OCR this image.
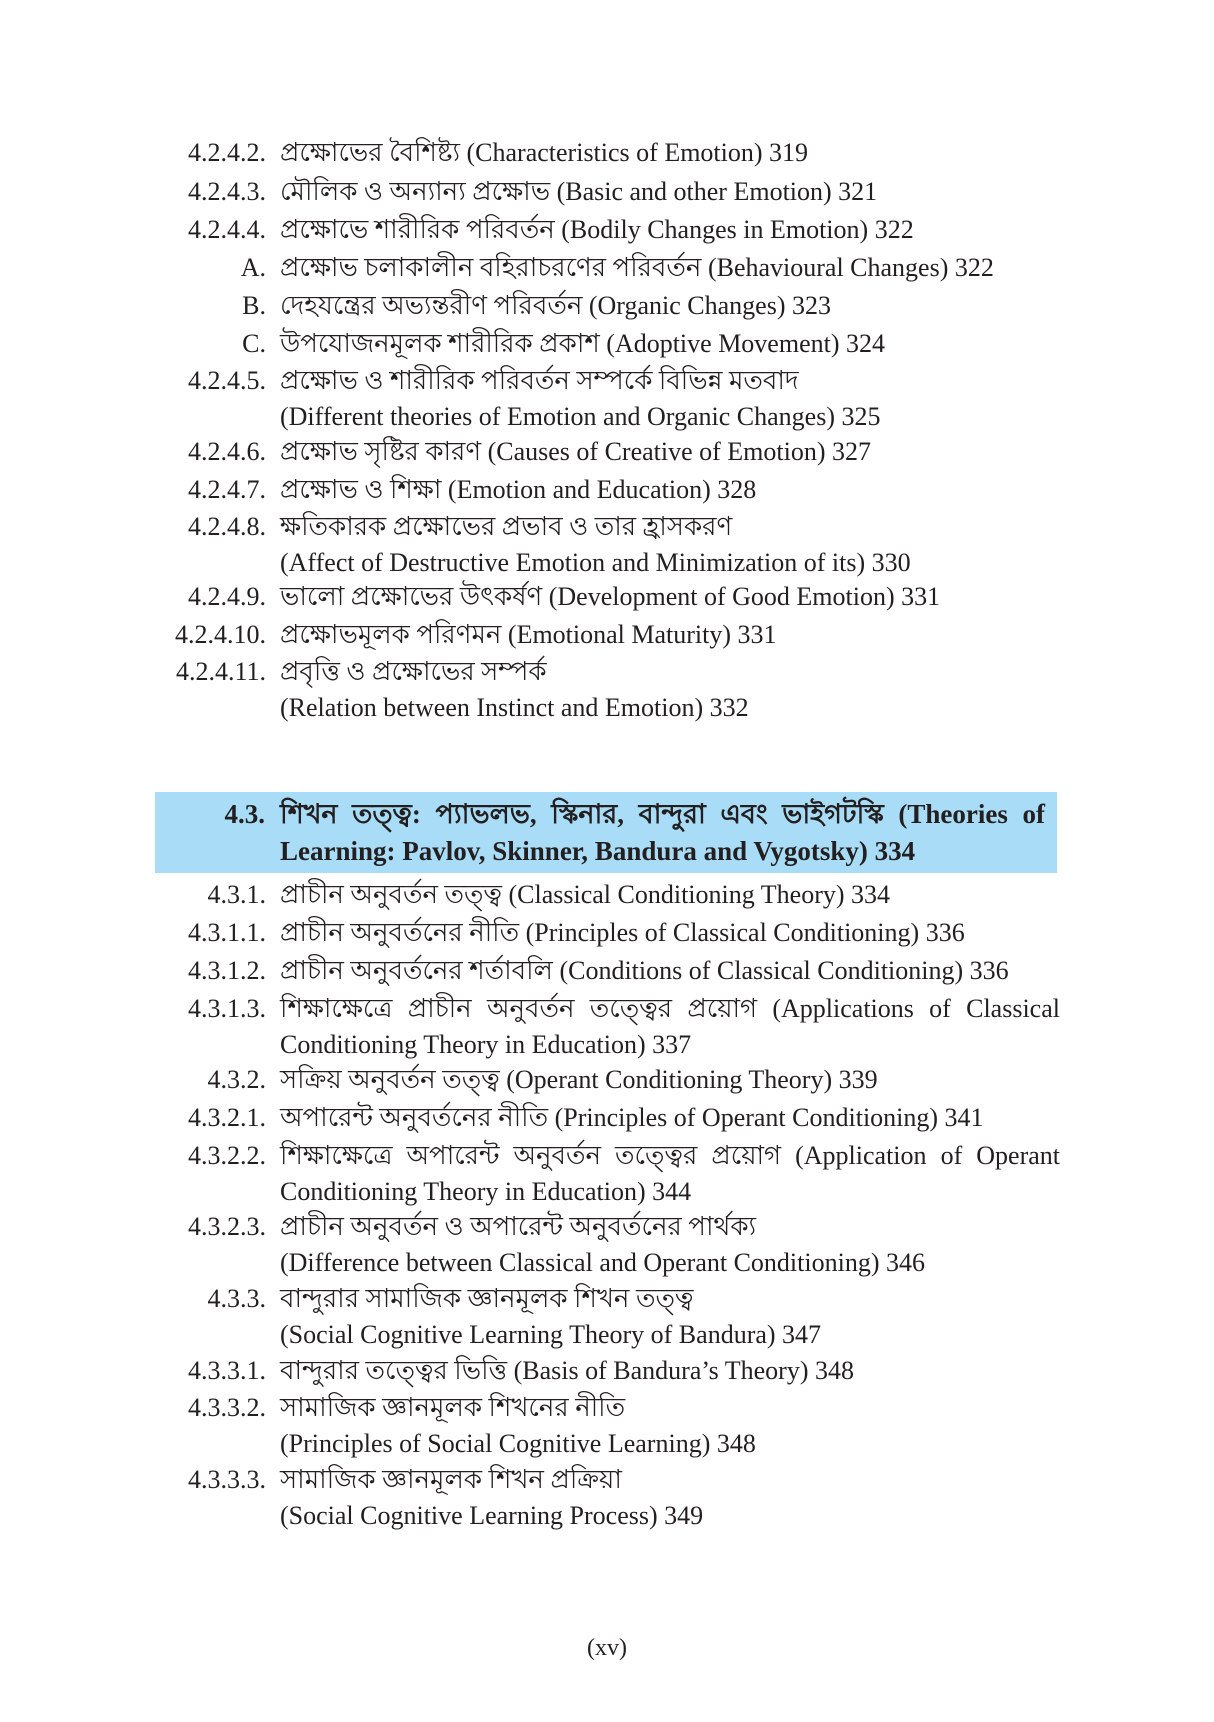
4.2.4.2. প্রক্ষোভের বৈশিষ্ট্য (Characteristics of Emotion) 319
4.2.4.3. মৌলিক ও অন্যান্য প্রক্ষোভ (Basic and other Emotion) 321
4.2.4.4. প্রক্ষোভে শারীরিক পরিবর্তন (Bodily Changes in Emotion) 322
A. প্রক্ষোভ চলাকালীন বহিরাচরণের পরিবর্তন (Behavioural Changes) 322
B. দেহযন্ত্রের অভ্যন্তরীণ পরিবর্তন (Organic Changes) 323
C. উপযোজনমূলক শারীরিক প্রকাশ (Adoptive Movement) 324
4.2.4.5. প্রক্ষোভ ও শারীরিক পরিবর্তন সম্পর্কে বিভিন্ন মতবাদ
(Different theories of Emotion and Organic Changes) 325
4.2.4.6. প্রক্ষোভ সৃষ্টির কারণ (Causes of Creative of Emotion) 327
4.2.4.7. প্রক্ষোভ ও শিক্ষা (Emotion and Education) 328
4.2.4.8. ক্ষতিকারক প্রক্ষোভের প্রভাব ও তার হ্রাসকরণ
(Affect of Destructive Emotion and Minimization of its) 330
4.2.4.9. ভালো প্রক্ষোভের উৎকর্ষণ (Development of Good Emotion) 331
4.2.4.10. প্রক্ষোভমূলক পরিণমন (Emotional Maturity) 331
4.2.4.11. প্রবৃত্তি ও প্রক্ষোভের সম্পর্ক
(Relation between Instinct and Emotion) 332
4.3. শিখন তত্ত্ব: প্যাভলভ, স্কিনার, বান্দুরা এবং ভাইগটস্কি (Theories of
Learning: Pavlov, Skinner, Bandura and Vygotsky) 334
4.3.1. প্রাচীন অনুবর্তন তত্ত্ব (Classical Conditioning Theory) 334
4.3.1.1. প্রাচীন অনুবর্তনের নীতি (Principles of Classical Conditioning) 336
4.3.1.2. প্রাচীন অনুবর্তনের শর্তাবলি (Conditions of Classical Conditioning) 336
4.3.1.3. শিক্ষাক্ষেত্রে প্রাচীন অনুবর্তন তত্ত্বের প্রয়োগ (Applications of Classical
Conditioning Theory in Education) 337
4.3.2. সক্রিয় অনুবর্তন তত্ত্ব (Operant Conditioning Theory) 339
4.3.2.1. অপারেন্ট অনুবর্তনের নীতি (Principles of Operant Conditioning) 341
4.3.2.2. শিক্ষাক্ষেত্রে অপারেন্ট অনুবর্তন তত্ত্বের প্রয়োগ (Application of Operant
Conditioning Theory in Education) 344
4.3.2.3. প্রাচীন অনুবর্তন ও অপারেন্ট অনুবর্তনের পার্থক্য
(Difference between Classical and Operant Conditioning) 346
4.3.3. বান্দুরার সামাজিক জ্ঞানমূলক শিখন তত্ত্ব
(Social Cognitive Learning Theory of Bandura) 347
4.3.3.1. বান্দুরার তত্ত্বের ভিত্তি (Basis of Bandura’s Theory) 348
4.3.3.2. সামাজিক জ্ঞানমূলক শিখনের নীতি
(Principles of Social Cognitive Learning) 348
4.3.3.3. সামাজিক জ্ঞানমূলক শিখন প্রক্রিয়া
(Social Cognitive Learning Process) 349
(xv)
